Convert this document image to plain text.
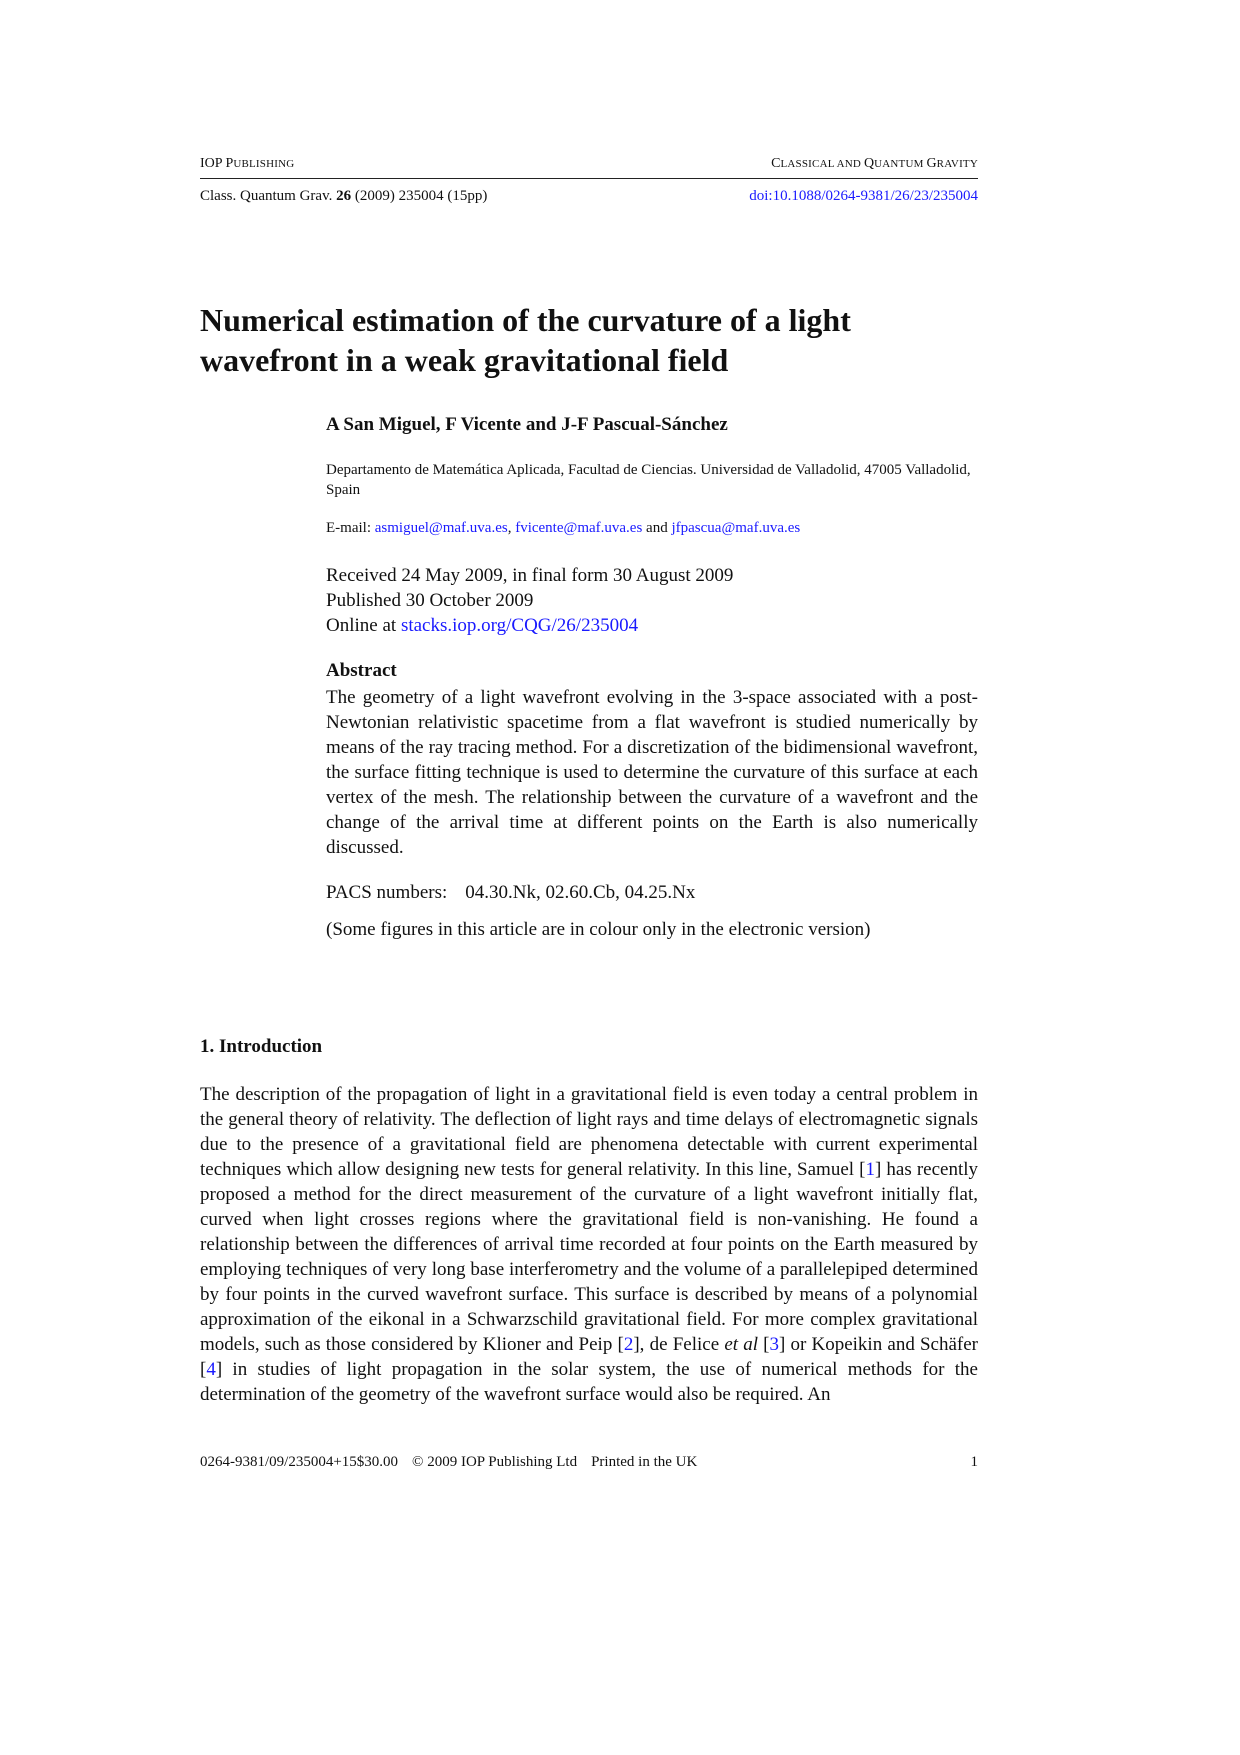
IOP PUBLISHING	CLASSICAL AND QUANTUM GRAVITY
Class. Quantum Grav. 26 (2009) 235004 (15pp)	doi:10.1088/0264-9381/26/23/235004
Numerical estimation of the curvature of a light wavefront in a weak gravitational field
A San Miguel, F Vicente and J-F Pascual-Sánchez
Departamento de Matemática Aplicada, Facultad de Ciencias. Universidad de Valladolid, 47005 Valladolid, Spain
E-mail: asmiguel@maf.uva.es, fvicente@maf.uva.es and jfpascua@maf.uva.es
Received 24 May 2009, in final form 30 August 2009
Published 30 October 2009
Online at stacks.iop.org/CQG/26/235004
Abstract
The geometry of a light wavefront evolving in the 3-space associated with a post-Newtonian relativistic spacetime from a flat wavefront is studied numerically by means of the ray tracing method. For a discretization of the bidimensional wavefront, the surface fitting technique is used to determine the curvature of this surface at each vertex of the mesh. The relationship between the curvature of a wavefront and the change of the arrival time at different points on the Earth is also numerically discussed.
PACS numbers: 04.30.Nk, 02.60.Cb, 04.25.Nx
(Some figures in this article are in colour only in the electronic version)
1. Introduction
The description of the propagation of light in a gravitational field is even today a central problem in the general theory of relativity. The deflection of light rays and time delays of electromagnetic signals due to the presence of a gravitational field are phenomena detectable with current experimental techniques which allow designing new tests for general relativity. In this line, Samuel [1] has recently proposed a method for the direct measurement of the curvature of a light wavefront initially flat, curved when light crosses regions where the gravitational field is non-vanishing. He found a relationship between the differences of arrival time recorded at four points on the Earth measured by employing techniques of very long base interferometry and the volume of a parallelepiped determined by four points in the curved wavefront surface. This surface is described by means of a polynomial approximation of the eikonal in a Schwarzschild gravitational field. For more complex gravitational models, such as those considered by Klioner and Peip [2], de Felice et al [3] or Kopeikin and Schäfer [4] in studies of light propagation in the solar system, the use of numerical methods for the determination of the geometry of the wavefront surface would also be required. An
0264-9381/09/235004+15$30.00 © 2009 IOP Publishing Ltd Printed in the UK	1
